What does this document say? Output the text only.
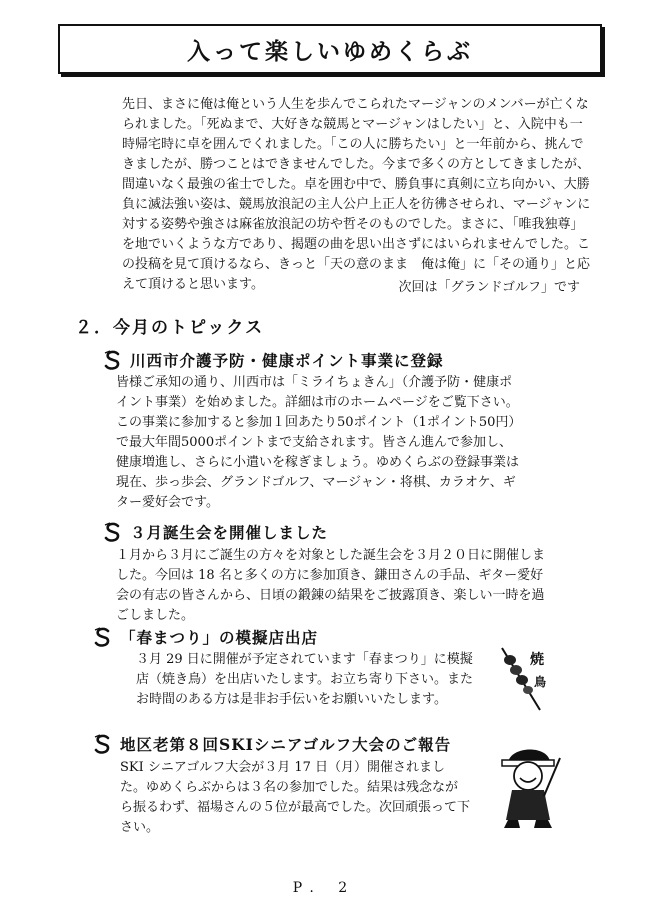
入って楽しいゆめくらぶ

先日、まさに俺は俺という人生を歩んでこられたマージャンのメンバーが亡くなられました。「死ぬまで、大好きな競馬とマージャンはしたい」と、入院中も一時帰宅時に卓を囲んでくれました。「この人に勝ちたい」と一年前から、挑んできましたが、勝つことはできませんでした。今まで多くの方としてきましたが、間違いなく最強の雀士でした。卓を囲む中で、勝負事に真剣に立ち向かい、大勝負に滅法強い姿は、競馬放浪記の主人公户上正人を彷彿させられ、マージャンに対する姿勢や強さは麻雀放浪記の坊や哲そのものでした。まさに、「唯我独尊」を地でいくような方であり、揭題の曲を思い出さずにはいられませんでした。この投稿を見て頂けるなら、きっと「天の意のまま　俺は俺」に「その通り」と応えて頂けると思います。	次回は「グランドゴルフ」です
２．今月のトピックス
川西市介護予防・健康ポイント事業に登録

皆様ご承知の通り、川西市は「ミライちょきん」（介護予防・健康ポイント事業）を始めました。詳細は市のホームページをご覧下さい。この事業に参加すると参加１回あたり50ポイント（1ポイント50円）で最大年間5000ポイントまで支給されます。皆さん進んで参加し、健康増進し、さらに小遣いを稼ぎましょう。ゆめくらぶの登録事業は現在、歩っ歩会、グランドゴルフ、マージャン・将棋、カラオケ、ギター愛好会です。

３月誕生会を開催しました

１月から３月にご誕生の方々を対象とした誕生会を３月２０日に開催しました。今回は 18 名と多くの方に参加頂き、鎌田さんの手品、ギター愛好会の有志の皆さんから、日頃の鍛錬の結果をご披露頂き、楽しい一時を過ごしました。

「春まつり」の模擬店出店

３月 29 日に開催が予定されています「春まつり」に模擬店（焼き鳥）を出店いたします。お立ち寄り下さい。またお時間のある方は是非お手伝いをお願いいたします。

焼
鳥
地区老第８回SKIシニアゴルフ大会のご報告

SKI シニアゴルフ大会が３月 17 日（月）開催されました。ゆめくらぶからは３名の参加でした。結果は残念ながら振るわず、福場さんの５位が最高でした。次回頑張って下さい。

P. 2
